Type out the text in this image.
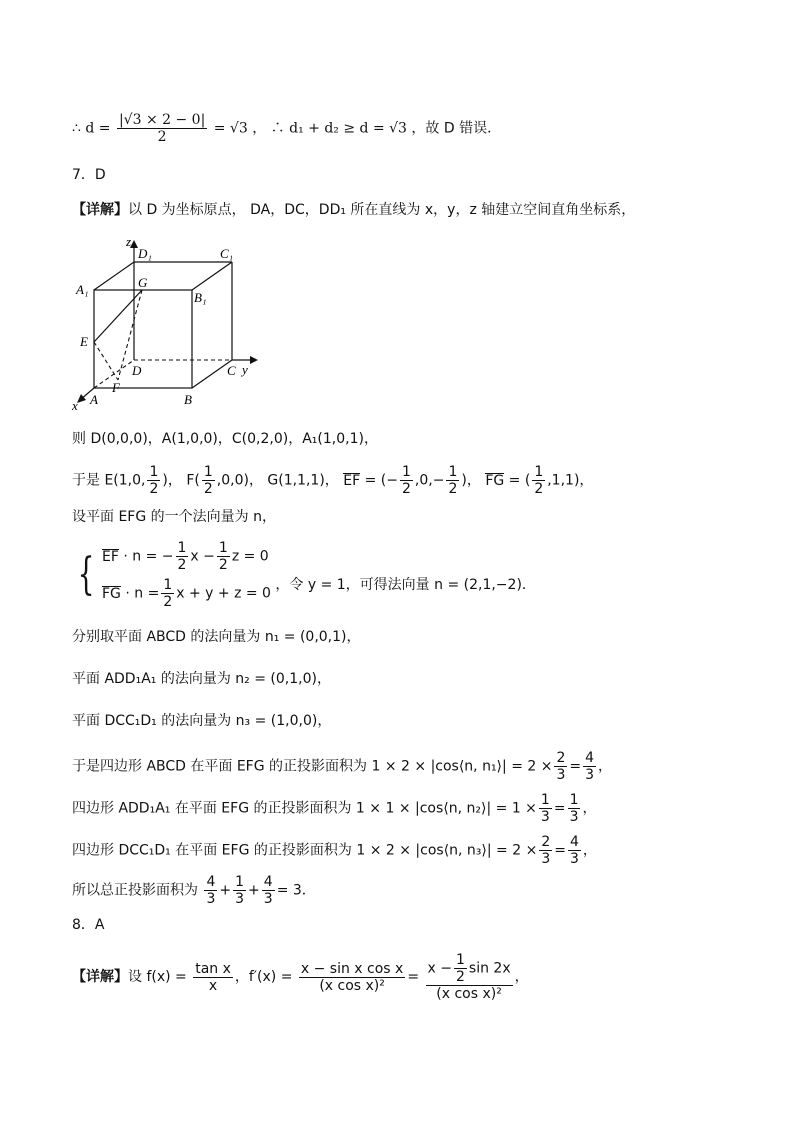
∴ $d = \frac{|√3 \times 2 - 0|}{2} = √3$ ， ∴ d₁ + d₂ ≥ d = √3 ，故 D 错误．
7．D
【详解】以 D 为坐标原点， DA，DC，DD₁ 所在直线为 x，y，z 轴建立空间直角坐标系，
z
D₁	C₁
A₁	G
B₁
E
D	C y
F
x A	B
则 D(0,0,0)，A(1,0,0)，C(0,2,0)，A₁(1,0,1)，
于是 E(1,0, $\frac{1}{2}$ )， $F( \frac{1}{2} ,0,0)$， G(1,1,1)， EF = (− $\frac{1}{2} ,0,- \frac{1}{2}$ )， FG = ( $\frac{1}{2} ,1,1$)，
设平面 EFG 的一个法向量为 n，
{ EF · n = − $\frac{1}{2}$ $x - \frac{1}{2}$ z = 0
FG · $n = \frac{1}{2}$ x + y + z = 0
，令 y = 1，可得法向量 n = (2,1,−2)．
分别取平面 ABCD 的法向量为 n₁ = (0,0,1)，
平面 ADD₁A₁ 的法向量为 n₂ = (0,1,0)，
平面 DCC₁D₁ 的法向量为 n₃ = (1,0,0)，
于是四边形 ABCD 在平面 EFG 的正投影面积为 1 × 2 × |cos⟨n, n₁⟩| = $2 \times \frac{2}{3} = \frac{4}{3}$ ，
四边形 ADD₁A₁ 在平面 EFG 的正投影面积为 1 × 1 × |cos⟨n, n₂⟩| = $1 \times \frac{1}{3} = \frac{1}{3}$ ，
四边形 DCC₁D₁ 在平面 EFG 的正投影面积为 1 × 2 × |cos⟨n, n₃⟩| = $2 \times \frac{2}{3} = \frac{4}{3}$ ，
所以总正投影面积为 $\frac{4}{3} + \frac{1}{3} + \frac{4}{3} = 3$．
8．A
【详解】设 $f(x) = \frac{\text{tan x}}{x}$ ，$f'(x) = \frac{\text{x − sin x cos x}}{\text{(x cos x)²}} = \frac{x - \frac{1}{2} \sin 2x}{\text{(x cos x)²}}$ ，
